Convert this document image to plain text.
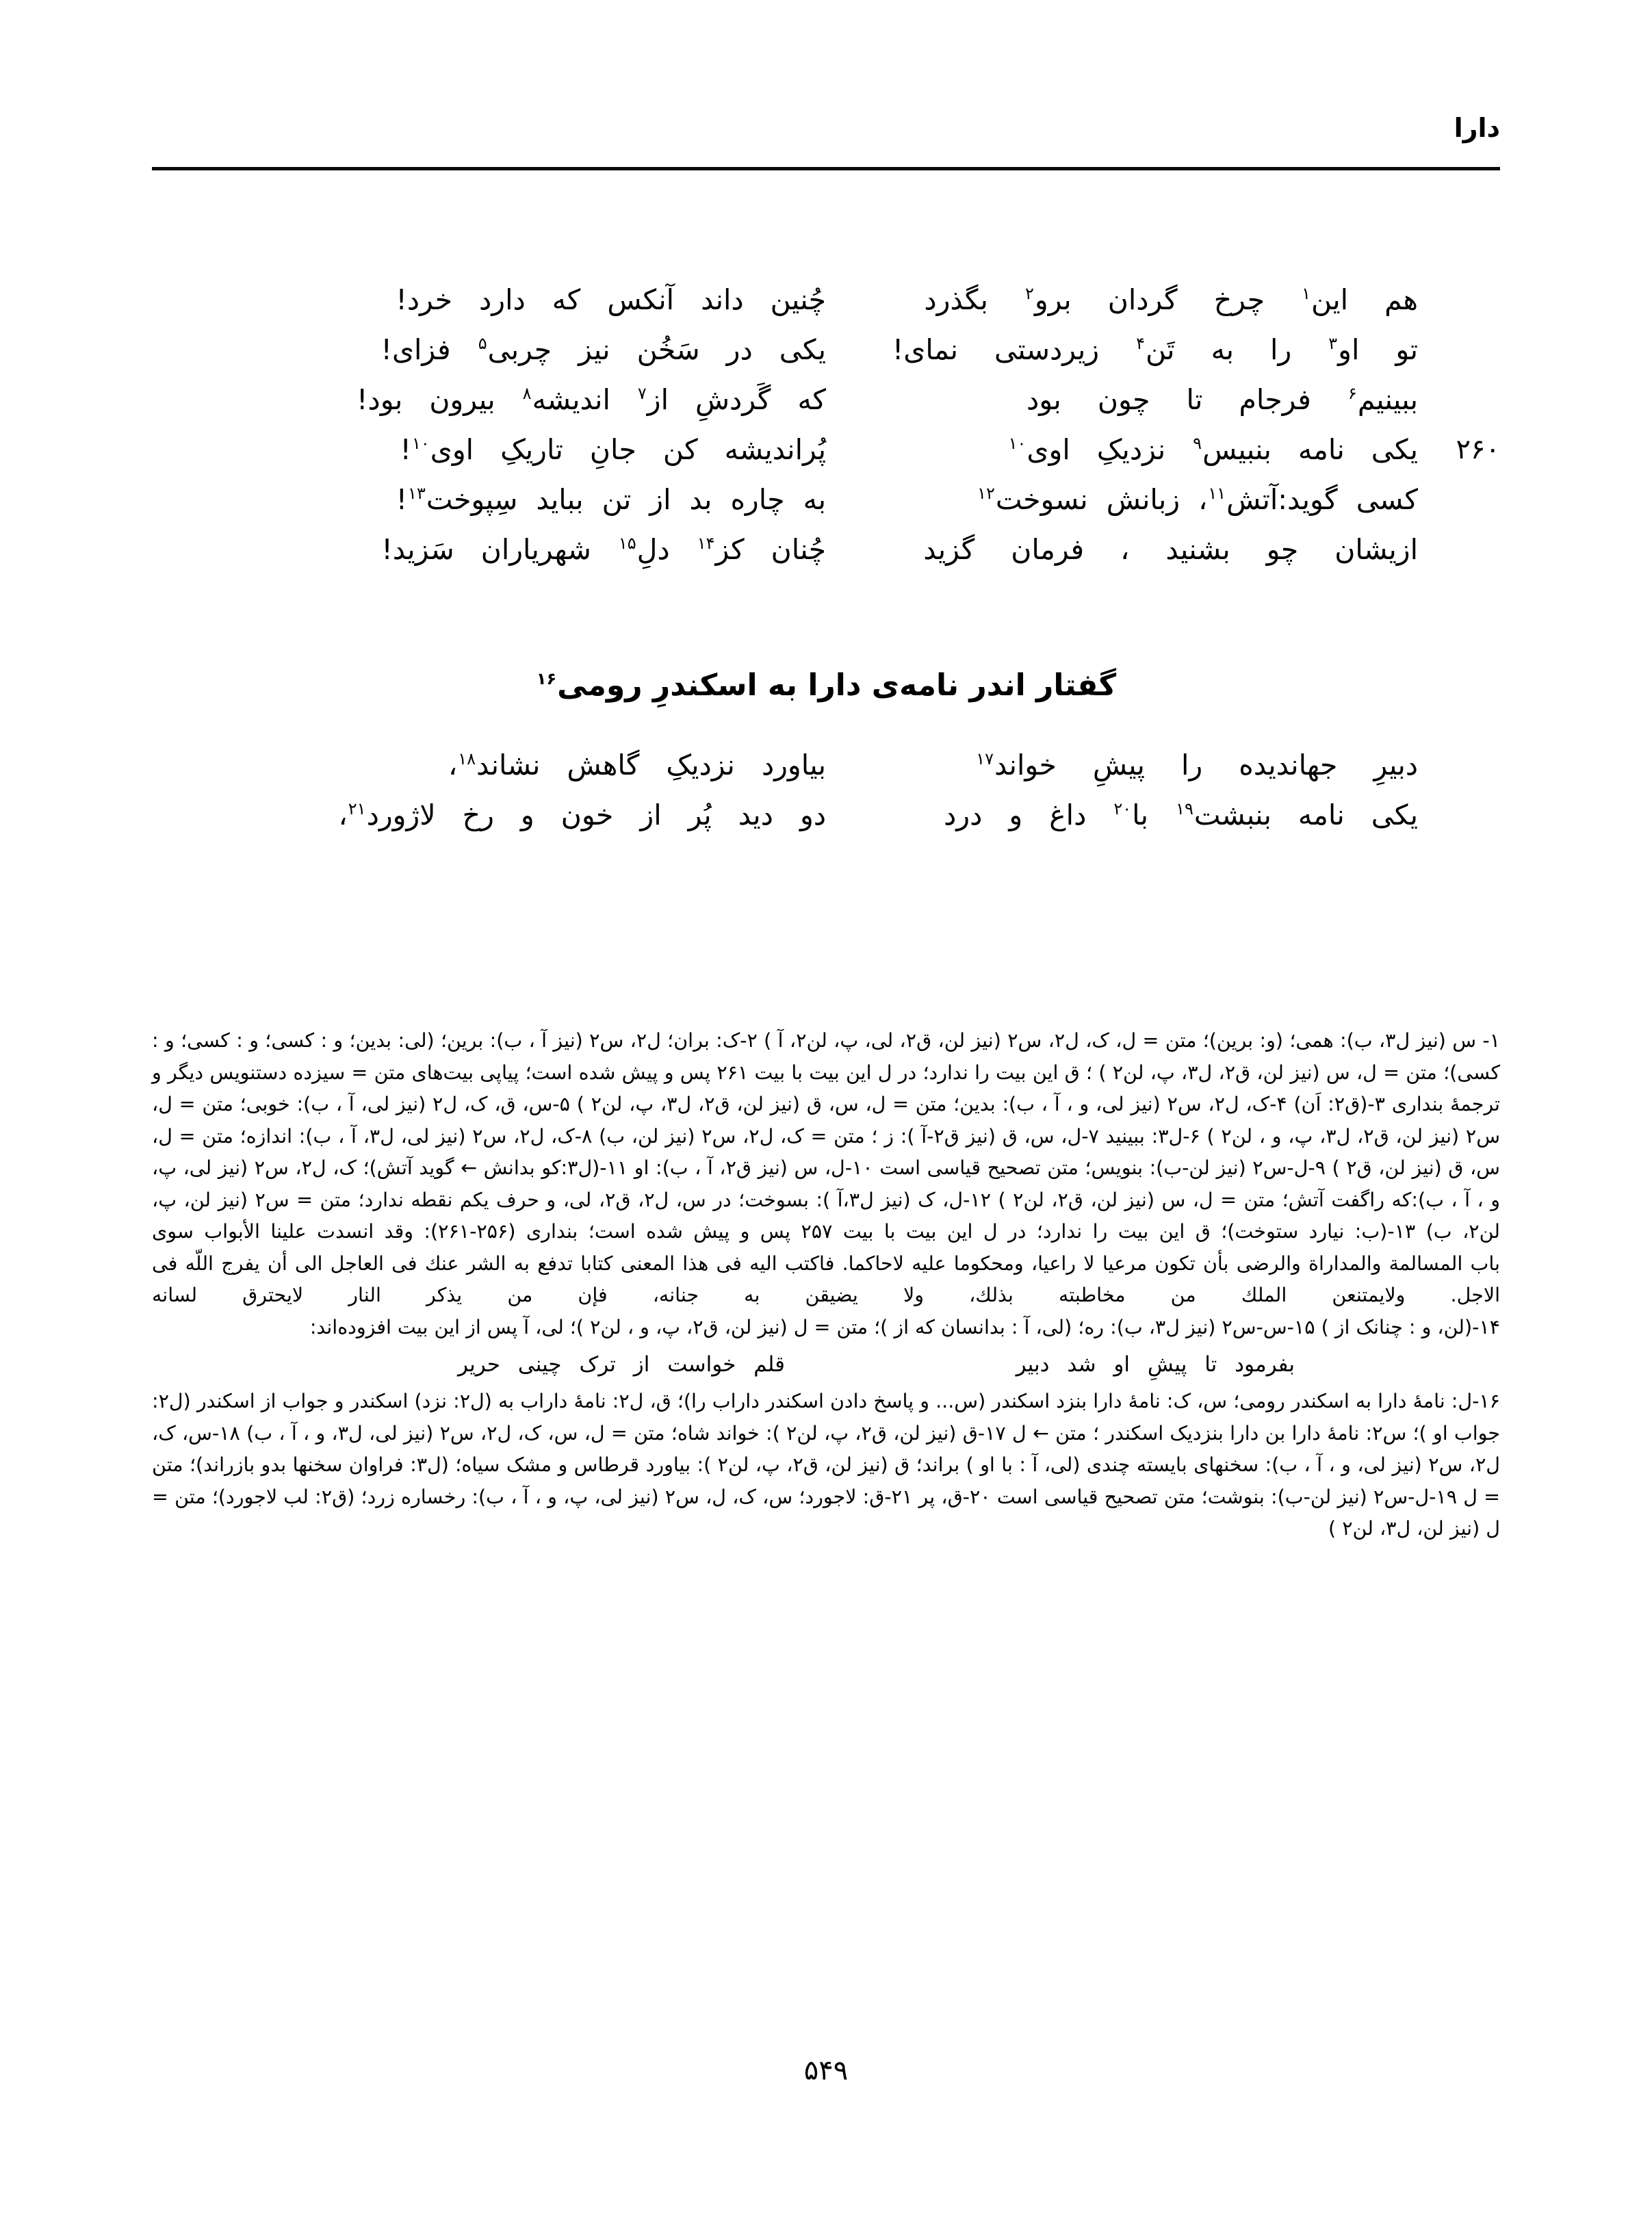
دارا
هم این$^۱$ چرخ گردان برو$^۲$ بگذرد
چُنین داند آنکس که دارد خرد!
تو او$^۳$ را به تَن$^۴$ زیردستی نمای!
یکی در سَخُن نیز چربی$^۵$ فزای!
ببینیم$^۶$ فرجام تا چون بود
که گَردشِ از$^۷$ اندیشه$^۸$ بیرون بود!
۲۶۰
یکی نامه بنبیس$^۹$ نزدیکِ اوی$^{۱۰}$
پُراندیشه کن جانِ تاریکِ اوی$^{۱۰}$!
کسی گوید:آتش$^{۱۱}$، زبانش نسوخت$^{۱۲}$
به چاره بد از تن بباید سِپوخت$^{۱۳}$!
ازیشان چو بشنید ، فرمان گزید
چُنان کز$^{۱۴}$ دلِ$^{۱۵}$ شهریاران سَزید!
گفتار اندر نامه‌ی دارا به اسکندرِ رومی$^{۱۶}$
دبیرِ جهاندیده را پیشِ خواند$^{۱۷}$
بیاورد نزدیکِ گاهش نشاند$^{۱۸}$،
یکی نامه بنبشت$^{۱۹}$ با$^{۲۰}$ داغ و درد
دو دید پُر از خون و رخ لاژورد$^{۲۱}$،

۱- س (نیز ل۳، ب): همی؛ (و: برین)؛ متن = ل، ک، ل۲، س۲ (نیز لن، ق۲، لی، پ، لن۲، آ ) ۲-ک: بران؛ ل۲، س۲ (نیز آ ، ب): برین؛ (لی: بدین؛ و : کسی؛ و : کسی؛ و : کسی)؛ متن = ل، س (نیز لن، ق۲، ل۳، پ، لن۲ ) ؛ ق این بیت را ندارد؛ در ل این بیت با بیت ۲۶۱ پس و پیش شده است؛ پیاپی بیت‌های متن = سیزده دستنویس دیگر و ترجمهٔ بنداری ۳-(ق۲: اَن) ۴-ک، ل۲، س۲ (نیز لی، و ، آ ، ب): بدین؛ متن = ل، س، ق (نیز لن، ق۲، ل۳، پ، لن۲ ) ۵-س، ق، ک، ل۲ (نیز لی، آ ، ب): خوبی؛ متن = ل، س۲ (نیز لن، ق۲، ل۳، پ، و ، لن۲ ) ۶-ل۳: ببینید ۷-ل، س، ق (نیز ق۲-آ ): ز ؛ متن = ک، ل۲، س۲ (نیز لن، ب) ۸-ک، ل۲، س۲ (نیز لی، ل۳، آ ، ب): اندازه؛ متن = ل، س، ق (نیز لن، ق۲ ) ۹-ل-س۲ (نیز لن-ب): بنویس؛ متن تصحیح قیاسی است ۱۰-ل، س (نیز ق۲، آ ، ب): او ۱۱-(ل۳:کو بدانش ← گوید آتش)؛ ک، ل۲، س۲ (نیز لی، پ، و ، آ ، ب):که راگفت آتش؛ متن = ل، س (نیز لن، ق۲، لن۲ ) ۱۲-ل، ک (نیز ل۳،آ ): بسوخت؛ در س، ل۲، ق۲، لی، و حرف یکم نقطه ندارد؛ متن = س۲ (نیز لن، پ، لن۲، ب) ۱۳-(ب: نیارد ستوخت)؛ ق این بیت را ندارد؛ در ل این بیت با بیت ۲۵۷ پس و پیش شده است؛ بنداری (۲۵۶-۲۶۱): وقد انسدت علینا الأبواب سوی

باب المسالمة والمداراة والرضی بأن تكون مرعیا لا راعیا، ومحكوما علیه لاحاكما. فاكتب الیه فی هذا المعنی كتابا تدفع به الشر عنك فی العاجل الی أن یفرج اللّه فی الاجل. ولایمتنعن الملك من مخاطبته بذلك، ولا یضیقن به جنانه، فإن من یذكر النار لایحترق لسانه

۱۴-(لن، و : چنانک از ) ۱۵-س-س۲ (نیز ل۳، ب): ره؛ (لی، آ : بدانسان که از )؛ متن = ل (نیز لن، ق۲، پ، و ، لن۲ )؛ لی، آ پس از این بیت افزوده‌اند:

بفرمود تا پیشِ او شد دبیر
قلم خواست از ترک چینی حریر

۱۶-ل: نامهٔ دارا به اسکندر رومی؛ س، ک: نامهٔ دارا بنزد اسکندر (س... و پاسخ دادن اسکندر داراب را)؛ ق، ل۲: نامهٔ داراب به (ل۲: نزد) اسکندر و جواب از اسکندر (ل۲: جواب او )؛ س۲: نامهٔ دارا بن دارا بنزدیک اسکندر ؛ متن ← ل ۱۷-ق (نیز لن، ق۲، پ، لن۲ ): خواند شاه؛ متن = ل، س، ک، ل۲، س۲ (نیز لی، ل۳، و ، آ ، ب) ۱۸-س، ک، ل۲، س۲ (نیز لی، و ، آ ، ب): سخنهای بایسته چندی (لی، آ : با او ) براند؛ ق (نیز لن، ق۲، پ، لن۲ ): بیاورد قرطاس و مشک سیاه؛ (ل۳: فراوان سخنها بدو بازراند)؛ متن = ل ۱۹-ل-س۲ (نیز لن-ب): بنوشت؛ متن تصحیح قیاسی است ۲۰-ق، پر ۲۱-ق: لاجورد؛ س، ک، ل، س۲ (نیز لی، پ، و ، آ ، ب): رخساره زرد؛ (ق۲: لب لاجورد)؛ متن = ل (نیز لن، ل۳، لن۲ )

۵۴۹
